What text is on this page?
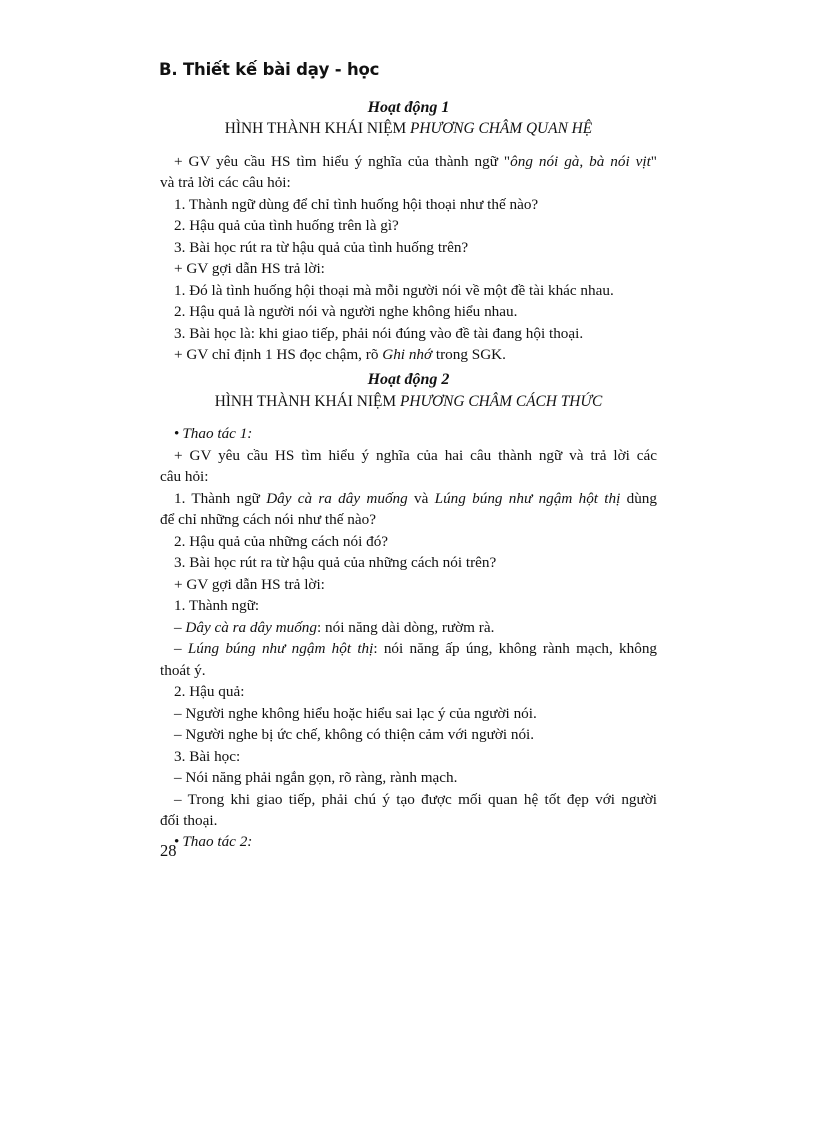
B. Thiết kế bài dạy - học
Hoạt động 1
HÌNH THÀNH KHÁI NIỆM PHƯƠNG CHÂM QUAN HỆ
+ GV yêu cầu HS tìm hiểu ý nghĩa của thành ngữ "ông nói gà, bà nói vịt"
và trả lời các câu hỏi:
1. Thành ngữ dùng để chỉ tình huống hội thoại như thế nào?
2. Hậu quả của tình huống trên là gì?
3. Bài học rút ra từ hậu quả của tình huống trên?
+ GV gợi dẫn HS trả lời:
1. Đó là tình huống hội thoại mà mỗi người nói về một đề tài khác nhau.
2. Hậu quả là người nói và người nghe không hiểu nhau.
3. Bài học là: khi giao tiếp, phải nói đúng vào đề tài đang hội thoại.
+ GV chỉ định 1 HS đọc chậm, rõ Ghi nhớ trong SGK.
Hoạt động 2
HÌNH THÀNH KHÁI NIỆM PHƯƠNG CHÂM CÁCH THỨC
• Thao tác 1:
+ GV yêu cầu HS tìm hiểu ý nghĩa của hai câu thành ngữ và trả lời các
câu hỏi:
1. Thành ngữ Dây cà ra dây muống và Lúng búng như ngậm hột thị dùng
để chỉ những cách nói như thế nào?
2. Hậu quả của những cách nói đó?
3. Bài học rút ra từ hậu quả của những cách nói trên?
+ GV gợi dẫn HS trả lời:
1. Thành ngữ:
– Dây cà ra dây muống: nói năng dài dòng, rườm rà.
– Lúng búng như ngậm hột thị: nói năng ấp úng, không rành mạch, không
thoát ý.
2. Hậu quả:
– Người nghe không hiểu hoặc hiểu sai lạc ý của người nói.
– Người nghe bị ức chế, không có thiện cảm với người nói.
3. Bài học:
– Nói năng phải ngắn gọn, rõ ràng, rành mạch.
– Trong khi giao tiếp, phải chú ý tạo được mối quan hệ tốt đẹp với người
đối thoại.
• Thao tác 2:
28
